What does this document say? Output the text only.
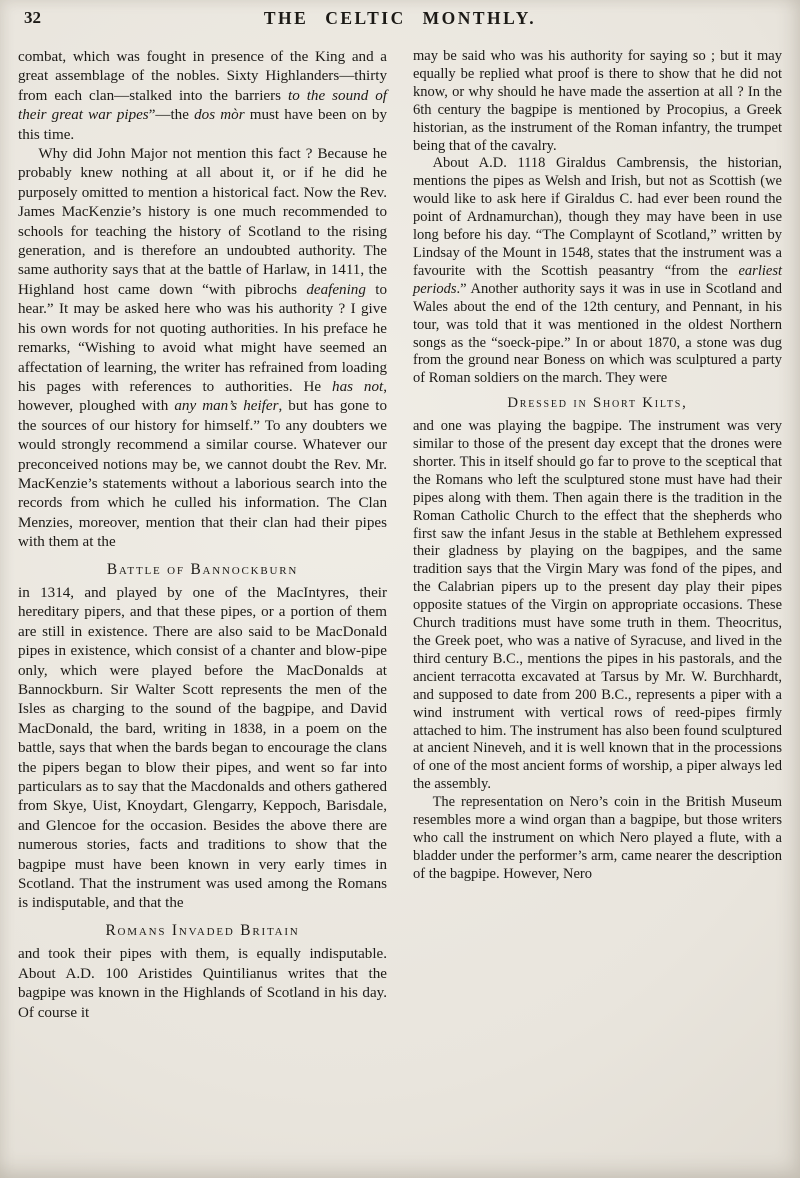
32	THE CELTIC MONTHLY.

combat, which was fought in presence of the King and a great assemblage of the nobles. Sixty Highlanders—thirty from each clan—stalked into the barriers to the sound of their great war pipes”—the dos mòr must have been on by this time.

Why did John Major not mention this fact ? Because he probably knew nothing at all about it, or if he did he purposely omitted to mention a historical fact. Now the Rev. James MacKenzie’s history is one much recommended to schools for teaching the history of Scotland to the rising generation, and is therefore an undoubted authority. The same authority says that at the battle of Harlaw, in 1411, the Highland host came down “with pibrochs deafening to hear.” It may be asked here who was his authority ? I give his own words for not quoting authorities. In his preface he remarks, “Wishing to avoid what might have seemed an affectation of learning, the writer has refrained from loading his pages with references to authorities. He has not, however, ploughed with any man’s heifer, but has gone to the sources of our history for himself.” To any doubters we would strongly recommend a similar course. Whatever our preconceived notions may be, we cannot doubt the Rev. Mr. MacKenzie’s statements without a laborious search into the records from which he culled his information. The Clan Menzies, moreover, mention that their clan had their pipes with them at the

Battle of Bannockburn

in 1314, and played by one of the MacIntyres, their hereditary pipers, and that these pipes, or a portion of them are still in existence. There are also said to be MacDonald pipes in existence, which consist of a chanter and blow-pipe only, which were played before the MacDonalds at Bannockburn. Sir Walter Scott represents the men of the Isles as charging to the sound of the bagpipe, and David MacDonald, the bard, writing in 1838, in a poem on the battle, says that when the bards began to encourage the clans the pipers began to blow their pipes, and went so far into particulars as to say that the Macdonalds and others gathered from Skye, Uist, Knoydart, Glengarry, Keppoch, Barisdale, and Glencoe for the occasion. Besides the above there are numerous stories, facts and traditions to show that the bagpipe must have been known in very early times in Scotland. That the instrument was used among the Romans is indisputable, and that the

Romans Invaded Britain

and took their pipes with them, is equally indisputable. About A.D. 100 Aristides Quintilianus writes that the bagpipe was known in the Highlands of Scotland in his day. Of course it

may be said who was his authority for saying so ; but it may equally be replied what proof is there to show that he did not know, or why should he have made the assertion at all ? In the 6th century the bagpipe is mentioned by Procopius, a Greek historian, as the instrument of the Roman infantry, the trumpet being that of the cavalry.

About A.D. 1118 Giraldus Cambrensis, the historian, mentions the pipes as Welsh and Irish, but not as Scottish (we would like to ask here if Giraldus C. had ever been round the point of Ardnamurchan), though they may have been in use long before his day. “The Complaynt of Scotland,” written by Lindsay of the Mount in 1548, states that the instrument was a favourite with the Scottish peasantry “from the earliest periods.” Another authority says it was in use in Scotland and Wales about the end of the 12th century, and Pennant, in his tour, was told that it was mentioned in the oldest Northern songs as the “soeck-pipe.” In or about 1870, a stone was dug from the ground near Boness on which was sculptured a party of Roman soldiers on the march. They were

Dressed in Short Kilts,

and one was playing the bagpipe. The instrument was very similar to those of the present day except that the drones were shorter. This in itself should go far to prove to the sceptical that the Romans who left the sculptured stone must have had their pipes along with them. Then again there is the tradition in the Roman Catholic Church to the effect that the shepherds who first saw the infant Jesus in the stable at Bethlehem expressed their gladness by playing on the bagpipes, and the same tradition says that the Virgin Mary was fond of the pipes, and the Calabrian pipers up to the present day play their pipes opposite statues of the Virgin on appropriate occasions. These Church traditions must have some truth in them. Theocritus, the Greek poet, who was a native of Syracuse, and lived in the third century B.C., mentions the pipes in his pastorals, and the ancient terracotta excavated at Tarsus by Mr. W. Burchhardt, and supposed to date from 200 B.C., represents a piper with a wind instrument with vertical rows of reed-pipes firmly attached to him. The instrument has also been found sculptured at ancient Nineveh, and it is well known that in the processions of one of the most ancient forms of worship, a piper always led the assembly.

The representation on Nero’s coin in the British Museum resembles more a wind organ than a bagpipe, but those writers who call the instrument on which Nero played a flute, with a bladder under the performer’s arm, came nearer the description of the bagpipe. However, Nero
